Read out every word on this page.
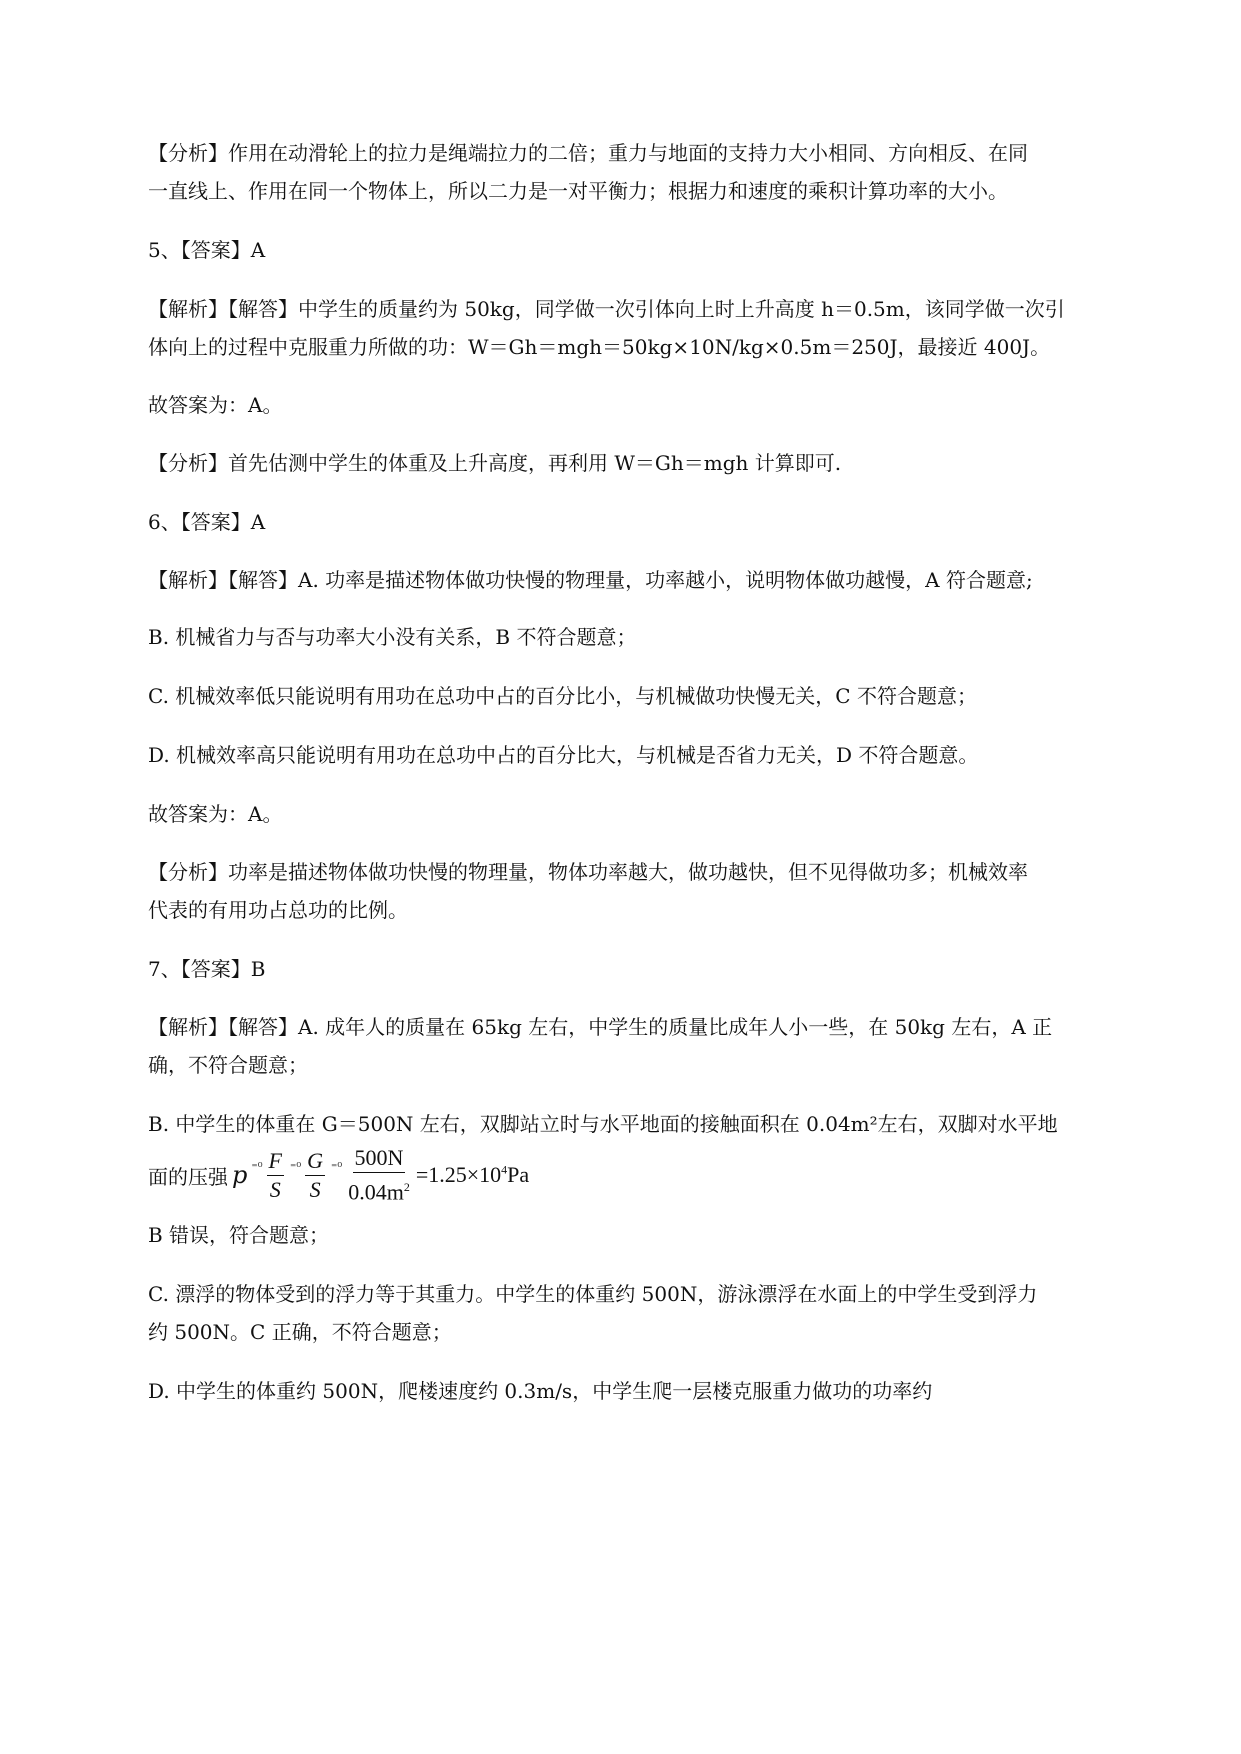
【分析】作用在动滑轮上的拉力是绳端拉力的二倍；重力与地面的支持力大小相同、方向相反、在同
一直线上、作用在同一个物体上，所以二力是一对平衡力；根据力和速度的乘积计算功率的大小。
5、【答案】A
【解析】【解答】中学生的质量约为 50kg，同学做一次引体向上时上升高度 h＝0.5m，该同学做一次引
体向上的过程中克服重力所做的功：W＝Gh＝mgh＝50kg×10N/kg×0.5m＝250J，最接近 400J。
故答案为：A。
【分析】首先估测中学生的体重及上升高度，再利用 W＝Gh＝mgh 计算即可.
6、【答案】A
【解析】【解答】A. 功率是描述物体做功快慢的物理量，功率越小，说明物体做功越慢，A 符合题意;
B. 机械省力与否与功率大小没有关系，B 不符合题意；
C. 机械效率低只能说明有用功在总功中占的百分比小，与机械做功快慢无关，C 不符合题意；
D. 机械效率高只能说明有用功在总功中占的百分比大，与机械是否省力无关，D 不符合题意。
故答案为：A。
【分析】功率是描述物体做功快慢的物理量，物体功率越大，做功越快，但不见得做功多；机械效率
代表的有用功占总功的比例。
7、【答案】B
【解析】【解答】A. 成年人的质量在 65kg 左右，中学生的质量比成年人小一些，在 50kg 左右，A 正
确，不符合题意；
B. 中学生的体重在 G＝500N 左右，双脚站立时与水平地面的接触面积在 0.04m²左右，双脚对水平地
面的压强 p $^{=0} \frac{F}{S} ^{=0} \frac{G}{S} ^{=0} \frac{500N}{0.04m^2} =1.25\times 10^4Pa$
B 错误，符合题意；
C. 漂浮的物体受到的浮力等于其重力。中学生的体重约 500N，游泳漂浮在水面上的中学生受到浮力
约 500N。C 正确，不符合题意；
D. 中学生的体重约 500N，爬楼速度约 0.3m/s，中学生爬一层楼克服重力做功的功率约
